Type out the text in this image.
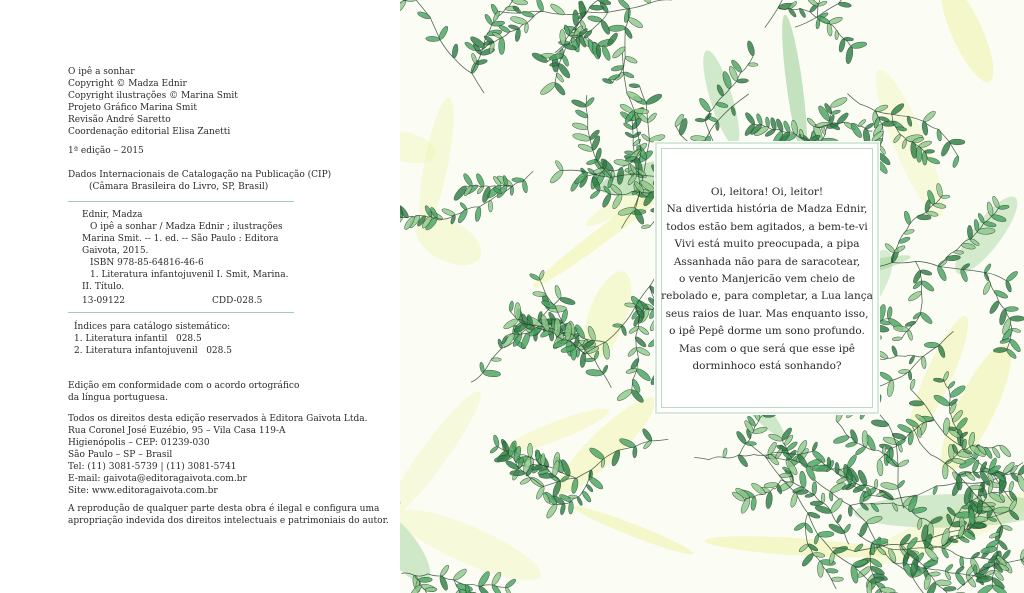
O ipê a sonhar
Copyright © Madza Ednir
Copyright ilustrações © Marina Smit
Projeto Gráfico Marina Smit
Revisão André Saretto
Coordenação editorial Elisa Zanetti
1ª edição – 2015
Dados Internacionais de Catalogação na Publicação (CIP)
(Câmara Brasileira do Livro, SP, Brasil)
Ednir, Madza
O ipê a sonhar / Madza Ednir ; ilustrações
Marina Smit. -- 1. ed. -- São Paulo : Editora
Gaivota, 2015.
ISBN 978-85-64816-46-6
1. Literatura infantojuvenil I. Smit, Marina.
II. Título.
13-09122	CDD-028.5
Índices para catálogo sistemático:
1. Literatura infantil   028.5
2. Literatura infantojuvenil   028.5
Edição em conformidade com o acordo ortográfico
da língua portuguesa.
Todos os direitos desta edição reservados à Editora Gaivota Ltda.
Rua Coronel José Euzébio, 95 – Vila Casa 119-A
Higienópolis – CEP: 01239-030
São Paulo – SP – Brasil
Tel: (11) 3081-5739 | (11) 3081-5741
E-mail: gaivota@editoragaivota.com.br
Site: www.editoragaivota.com.br
A reprodução de qualquer parte desta obra é ilegal e configura uma
apropriação indevida dos direitos intelectuais e patrimoniais do autor.
Oi, leitora! Oi, leitor!
Na divertida história de Madza Ednir,
todos estão bem agitados, a bem-te-vi
Vivi está muito preocupada, a pipa
Assanhada não para de saracotear,
o vento Manjericão vem cheio de
rebolado e, para completar, a Lua lança
seus raios de luar. Mas enquanto isso,
o ipê Pepê dorme um sono profundo.
Mas com o que será que esse ipê
dorminhoco está sonhando?
